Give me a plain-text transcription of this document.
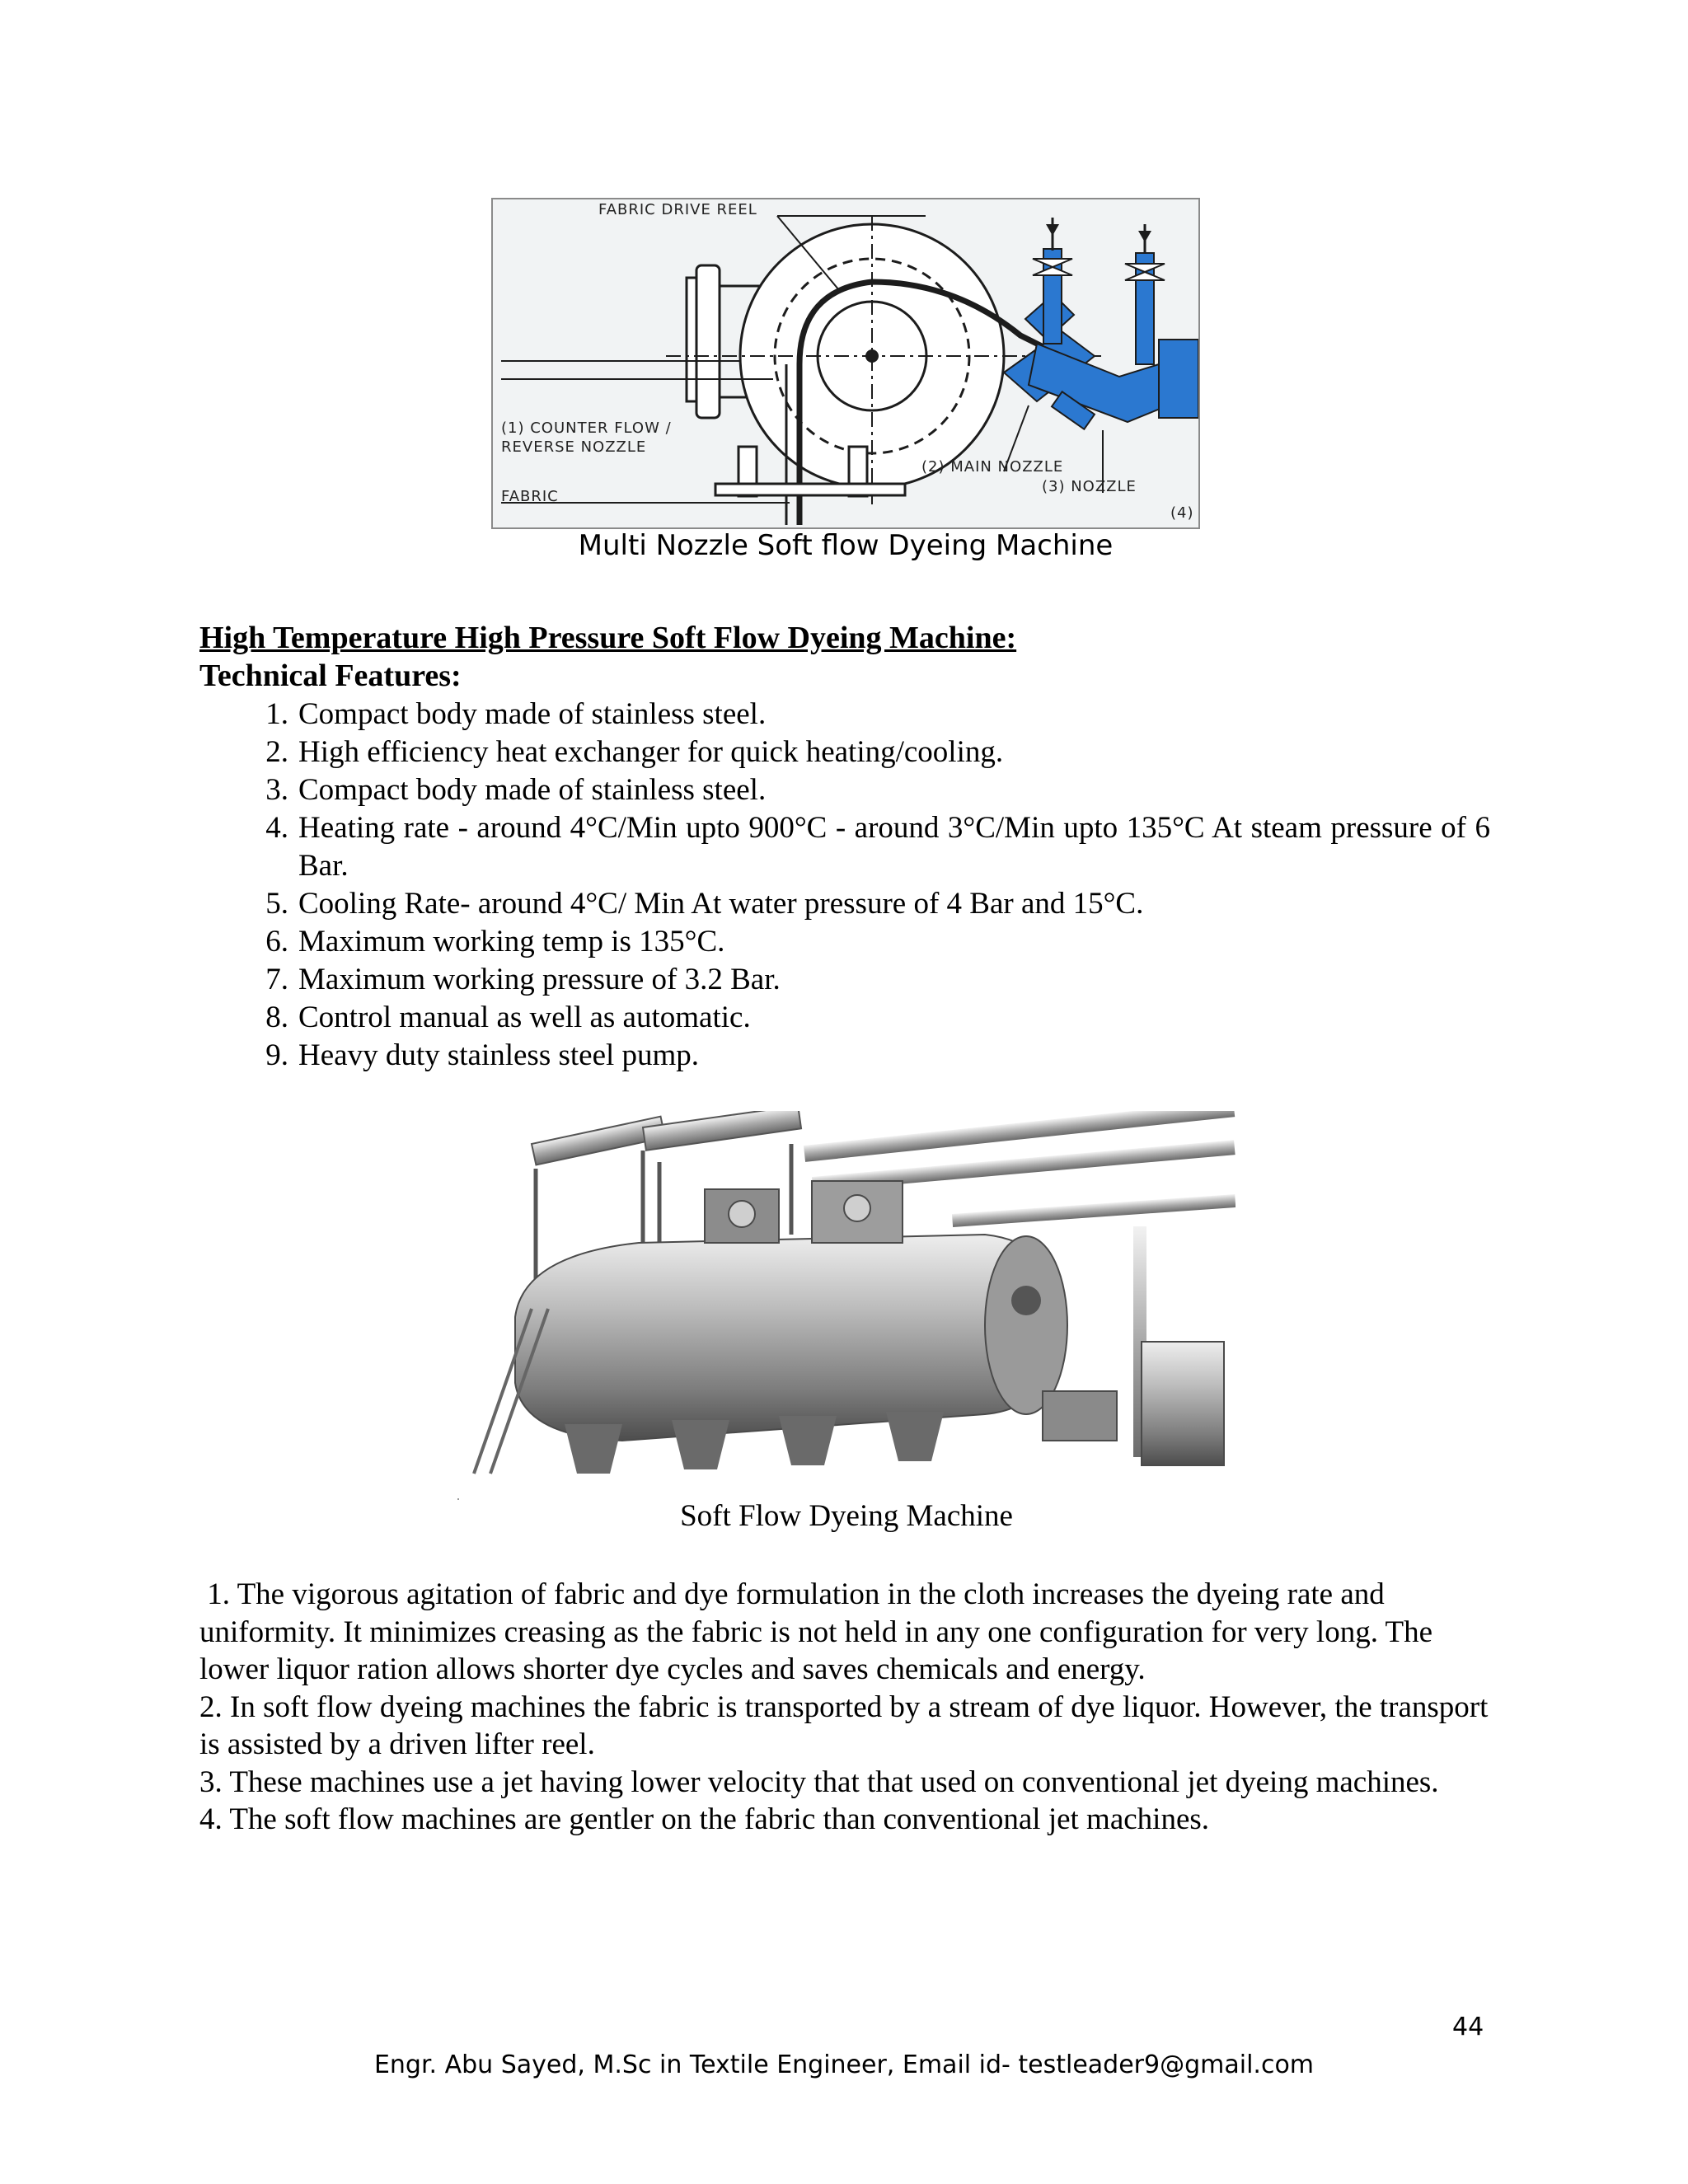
FABRIC DRIVE REEL
(1) COUNTER FLOW /
REVERSE NOZZLE
FABRIC
(2) MAIN NOZZLE
(3) NOZZLE
(4)
Multi Nozzle Soft flow Dyeing Machine
High Temperature High Pressure Soft Flow Dyeing Machine:
Technical Features:
1. Compact body made of stainless steel.
2. High efficiency heat exchanger for quick heating/cooling.
3. Compact body made of stainless steel.
4. Heating rate - around 4°C/Min upto 900°C - around 3°C/Min upto 135°C At steam pressure of 6 Bar.
5. Cooling Rate- around 4°C/ Min At water pressure of 4 Bar and 15°C.
6. Maximum working temp is 135°C.
7. Maximum working pressure of 3.2 Bar.
8. Control manual as well as automatic.
9. Heavy duty stainless steel pump.
Soft Flow Dyeing Machine

1. The vigorous agitation of fabric and dye formulation in the cloth increases the dyeing rate and uniformity. It minimizes creasing as the fabric is not held in any one configuration for very long. The lower liquor ration allows shorter dye cycles and saves chemicals and energy.

2. In soft flow dyeing machines the fabric is transported by a stream of dye liquor. However, the transport is assisted by a driven lifter reel.

3. These machines use a jet having lower velocity that that used on conventional jet dyeing machines.

4. The soft flow machines are gentler on the fabric than conventional jet machines.

44
Engr. Abu Sayed, M.Sc in Textile Engineer, Email id- testleader9@gmail.com
